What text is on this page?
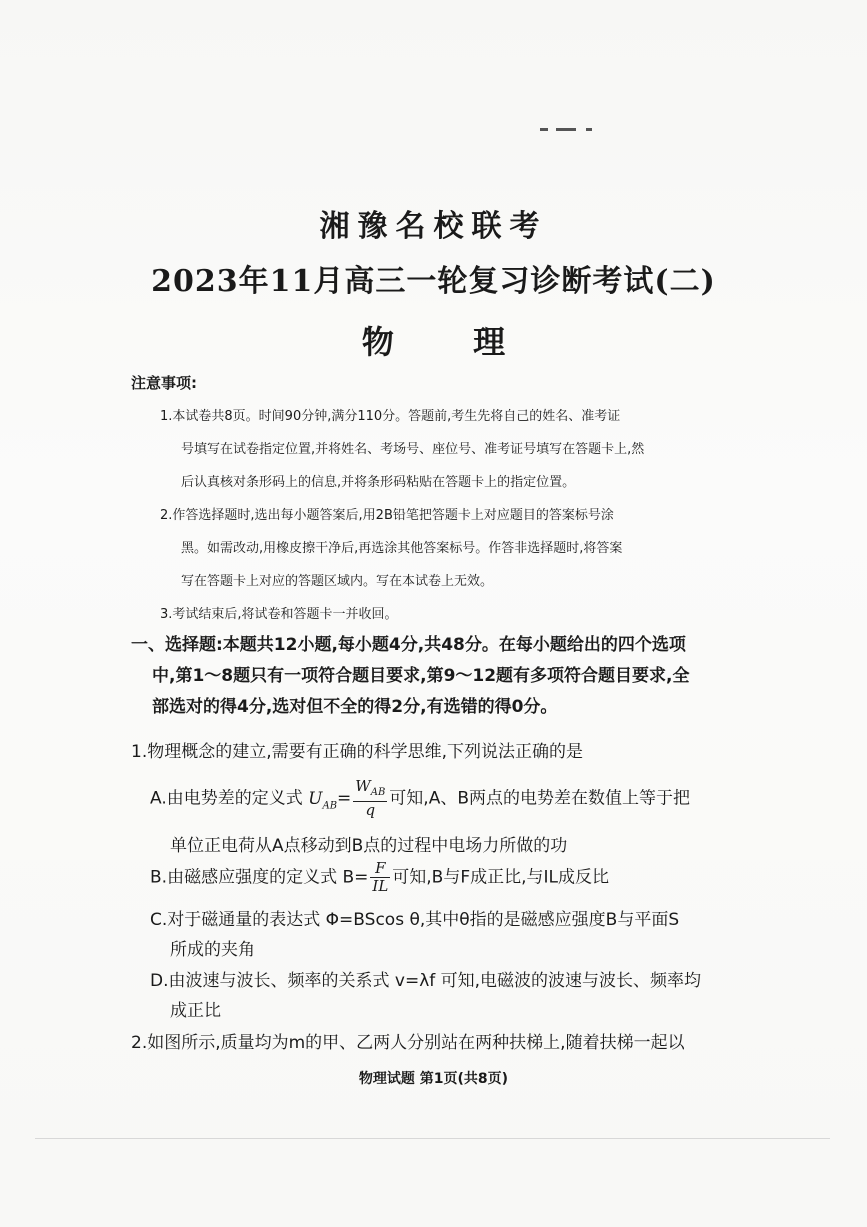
湘豫名校联考

2023年11月高三一轮复习诊断考试(二)

物 理

注意事项:

1.本试卷共8页。时间90分钟,满分110分。答题前,考生先将自己的姓名、准考证

号填写在试卷指定位置,并将姓名、考场号、座位号、准考证号填写在答题卡上,然

后认真核对条形码上的信息,并将条形码粘贴在答题卡上的指定位置。

2.作答选择题时,选出每小题答案后,用2B铅笔把答题卡上对应题目的答案标号涂

黑。如需改动,用橡皮擦干净后,再选涂其他答案标号。作答非选择题时,将答案

写在答题卡上对应的答题区域内。写在本试卷上无效。

3.考试结束后,将试卷和答题卡一并收回。

一、选择题:本题共12小题,每小题4分,共48分。在每小题给出的四个选项
中,第1～8题只有一项符合题目要求,第9～12题有多项符合题目要求,全
部选对的得4分,选对但不全的得2分,有选错的得0分。
1.物理概念的建立,需要有正确的科学思维,下列说法正确的是
A.由电势差的定义式 $U_{AB}= \frac{W_{AB}}{q}$ 可知,A、B两点的电势差在数值上等于把
单位正电荷从A点移动到B点的过程中电场力所做的功
B.由磁感应强度的定义式 $B= \frac{F}{IL}$ 可知,B与F成正比,与IL成反比
C.对于磁通量的表达式 Φ=BScos θ,其中θ指的是磁感应强度B与平面S
所成的夹角
D.由波速与波长、频率的关系式 v=λf 可知,电磁波的波速与波长、频率均
成正比
2.如图所示,质量均为m的甲、乙两人分别站在两种扶梯上,随着扶梯一起以
物理试题 第1页(共8页)
